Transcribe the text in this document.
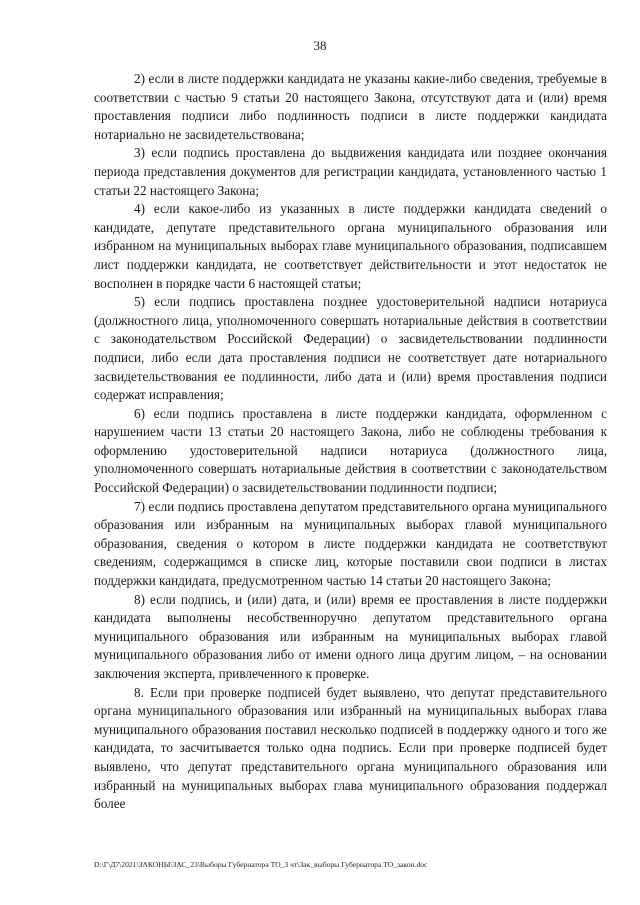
38

2) если в листе поддержки кандидата не указаны какие-либо сведения, требуемые в соответствии с частью 9 статьи 20 настоящего Закона, отсутствуют дата и (или) время проставления подписи либо подлинность подписи в листе поддержки кандидата нотариально не засвидетельствована;

3) если подпись проставлена до выдвижения кандидата или позднее окончания периода представления документов для регистрации кандидата, установленного частью 1 статьи 22 настоящего Закона;

4) если какое-либо из указанных в листе поддержки кандидата сведений о кандидате, депутате представительного органа муниципального образования или избранном на муниципальных выборах главе муниципального образования, подписавшем лист поддержки кандидата, не соответствует действительности и этот недостаток не восполнен в порядке части 6 настоящей статьи;

5) если подпись проставлена позднее удостоверительной надписи нотариуса (должностного лица, уполномоченного совершать нотариальные действия в соответствии с законодательством Российской Федерации) о засвидетельствовании подлинности подписи, либо если дата проставления подписи не соответствует дате нотариального засвидетельствования ее подлинности, либо дата и (или) время проставления подписи содержат исправления;

6) если подпись проставлена в листе поддержки кандидата, оформленном с нарушением части 13 статьи 20 настоящего Закона, либо не соблюдены требования к оформлению удостоверительной надписи нотариуса (должностного лица, уполномоченного совершать нотариальные действия в соответствии с законодательством Российской Федерации) о засвидетельствовании подлинности подписи;

7) если подпись проставлена депутатом представительного органа муниципального образования или избранным на муниципальных выборах главой муниципального образования, сведения о котором в листе поддержки кандидата не соответствуют сведениям, содержащимся в списке лиц, которые поставили свои подписи в листах поддержки кандидата, предусмотренном частью 14 статьи 20 настоящего Закона;

8) если подпись, и (или) дата, и (или) время ее проставления в листе поддержки кандидата выполнены несобственноручно депутатом представительного органа муниципального образования или избранным на муниципальных выборах главой муниципального образования либо от имени одного лица другим лицом, – на основании заключения эксперта, привлеченного к проверке.

8. Если при проверке подписей будет выявлено, что депутат представительного органа муниципального образования или избранный на муниципальных выборах глава муниципального образования поставил несколько подписей в поддержку одного и того же кандидата, то засчитывается только одна подпись. Если при проверке подписей будет выявлено, что депутат представительного органа муниципального образования или избранный на муниципальных выборах глава муниципального образования поддержал более

D:\Г\Д7\2021\ЗАКОНЫ\ЗАС_23\Выборы Губернатора ТО_3 чт\Зак_выборы Губернатора ТО_закон.doc
